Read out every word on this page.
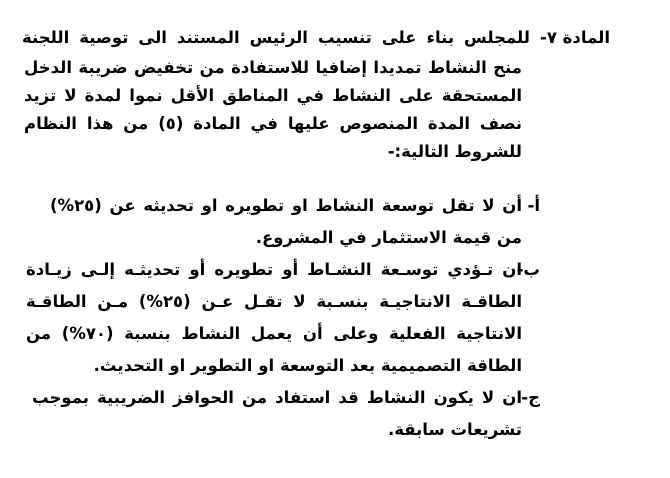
المادة ٧-
للمجلس بناء على تنسيب الرئيس المستند الى توصية اللجنة
منح النشاط تمديدا إضافيا للاستفادة من تخفيض ضريبة الدخل
المستحقة على النشاط في المناطق الأقل نموا لمدة لا تزيد
نصف المدة المنصوص عليها في المادة (٥) من هذا النظام
للشروط التالية:-
أ-
أن لا تقل توسعة النشاط او تطويره او تحديثه عن (٢٥%)
من قيمة الاستثمار في المشروع.
ب-
ان تـؤدي توسـعة النشـاط أو تطويره أو تحديثـه إلـى زيـادة
الطاقـة الانتاجيـة بنسـبة لا تقـل عـن (٢٥%) مـن الطاقـة
الانتاجية الفعلية وعلى أن يعمل النشاط بنسبة (٧٠%) من
الطاقة التصميمية بعد التوسعة او التطوير او التحديث.
ج-
ان لا يكون النشاط قد استفاد من الحوافز الضريبية بموجب
تشريعات سابقة.
